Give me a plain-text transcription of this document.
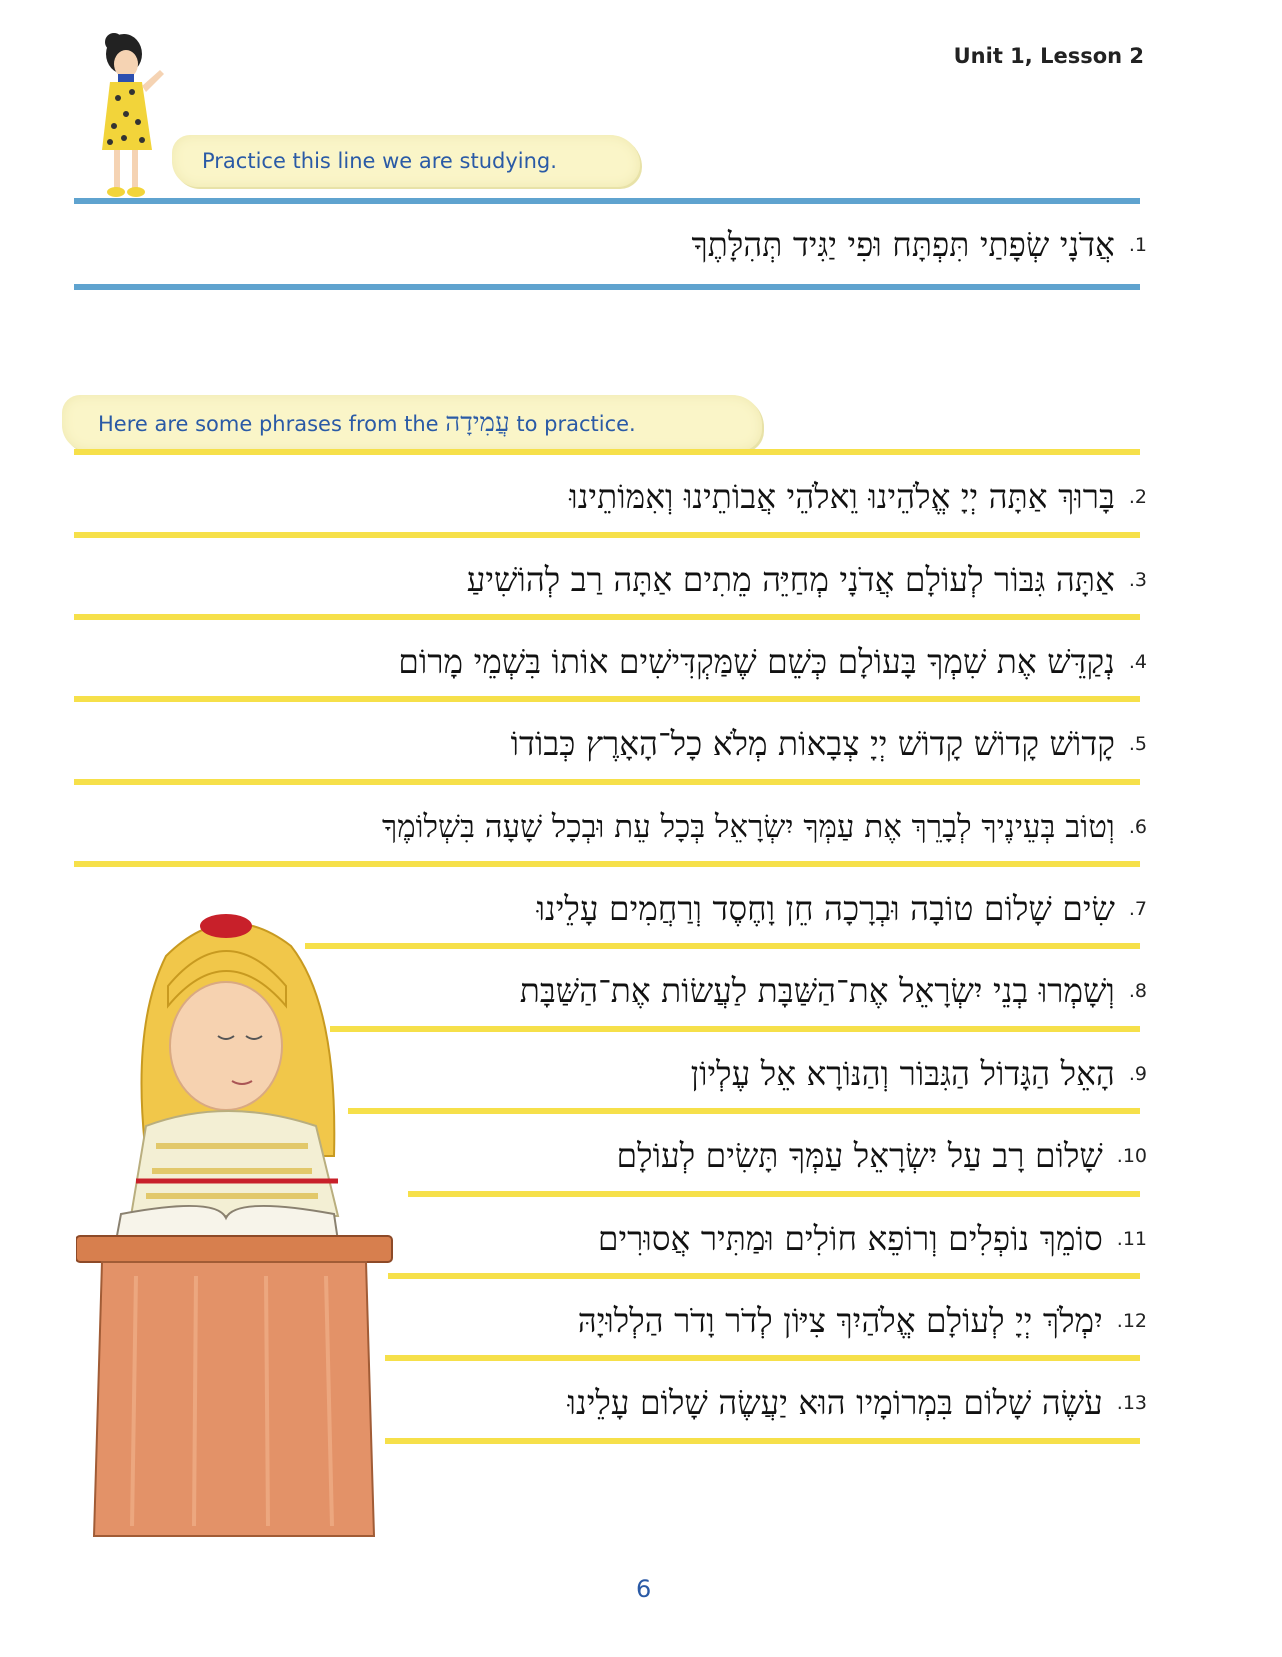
Unit 1, Lesson 2
Practice this line we are studying.
.1
אֲדֹנָי שְׂפָתַי תִּפְתָּח וּפִי יַגִּיד תְּהִלָּתֶךָ
Here are some phrases from the עֲמִידָה to practice.
.2
בָּרוּךְ אַתָּה יְיָ אֱלֹהֵינוּ וֵאלֹהֵי אֲבוֹתֵינוּ וְאִמּוֹתֵינוּ
.3
אַתָּה גִּבּוֹר לְעוֹלָם אֲדֹנָי מְחַיֵּה מֵתִים אַתָּה רַב לְהוֹשִׁיעַ
.4
נְקַדֵּשׁ אֶת שִׁמְךָ בָּעוֹלָם כְּשֵׁם שֶׁמַּקְדִּישִׁים אוֹתוֹ בִּשְׁמֵי מָרוֹם
.5
קָדוֹשׁ קָדוֹשׁ קָדוֹשׁ יְיָ צְבָאוֹת מְלֹא כָל־הָאָרֶץ כְּבוֹדוֹ
.6
וְטוֹב בְּעֵינֶיךָ לְבָרֵךְ אֶת עַמְּךָ יִשְׂרָאֵל בְּכָל עֵת וּבְכָל שָׁעָה בִּשְׁלוֹמֶךָ
.7
שִׂים שָׁלוֹם טוֹבָה וּבְרָכָה חֵן וָחֶסֶד וְרַחֲמִים עָלֵינוּ
.8
וְשָׁמְרוּ בְנֵי יִשְׂרָאֵל אֶת־הַשַּׁבָּת לַעֲשׂוֹת אֶת־הַשַּׁבָּת
.9
הָאֵל הַגָּדוֹל הַגִּבּוֹר וְהַנּוֹרָא אֵל עֶלְיוֹן
.10
שָׁלוֹם רָב עַל יִשְׂרָאֵל עַמְּךָ תָּשִׂים לְעוֹלָם
.11
סוֹמֵךְ נוֹפְלִים וְרוֹפֵא חוֹלִים וּמַתִּיר אֲסוּרִים
.12
יִמְלֹךְ יְיָ לְעוֹלָם אֱלֹהַיִךְ צִיּוֹן לְדֹר וָדֹר הַלְלוּיָהּ
.13
עֹשֶׂה שָׁלוֹם בִּמְרוֹמָיו הוּא יַעֲשֶׂה שָׁלוֹם עָלֵינוּ
6
